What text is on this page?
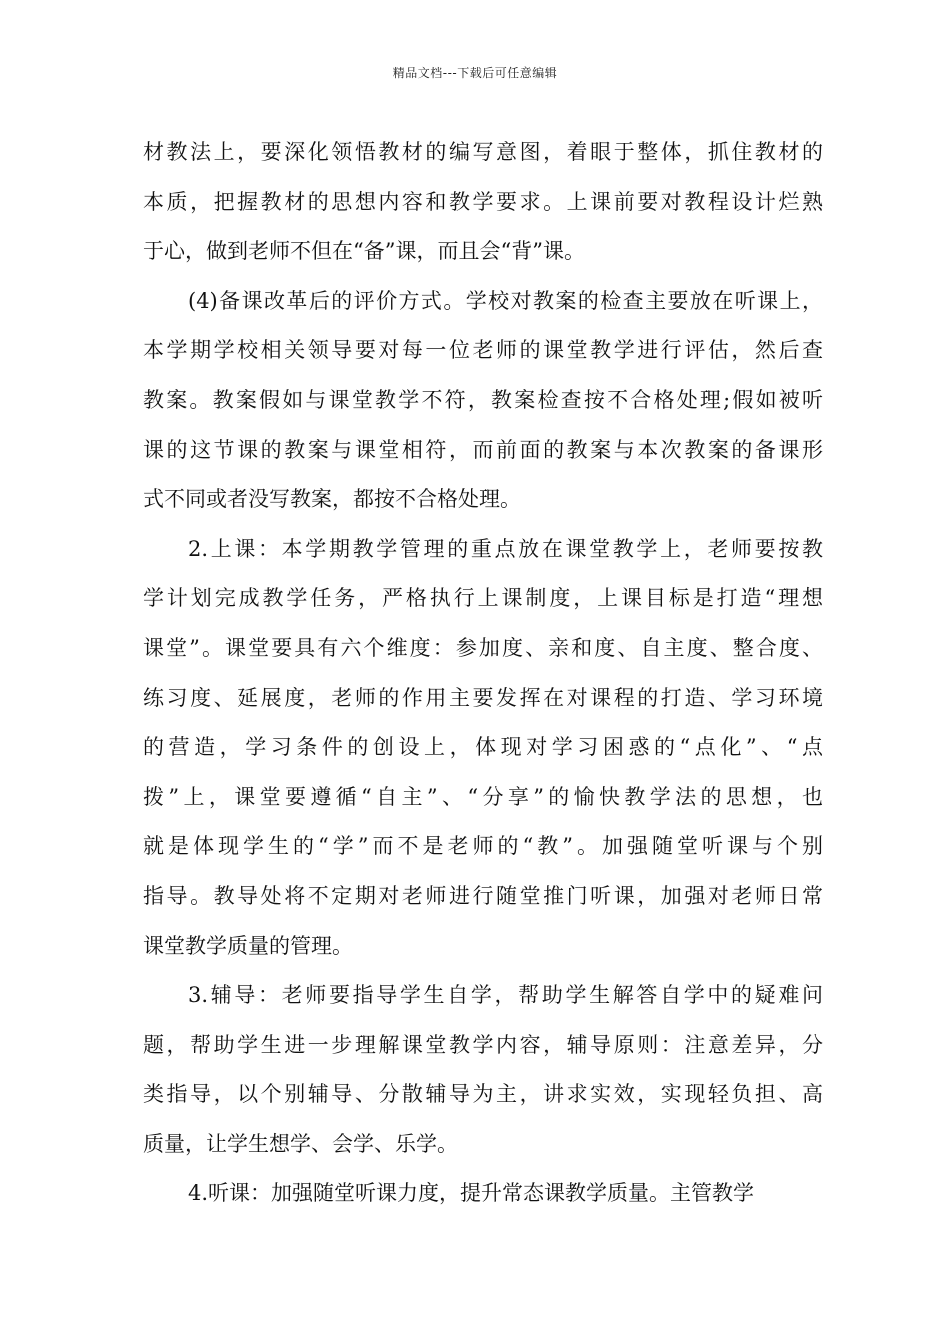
精品文档---下载后可任意编辑
材教法上，要深化领悟教材的编写意图，着眼于整体，抓住教材的
本质，把握教材的思想内容和教学要求。上课前要对教程设计烂熟
于心，做到老师不但在“备”课，而且会“背”课。
(4)备课改革后的评价方式。学校对教案的检查主要放在听课上，
本学期学校相关领导要对每一位老师的课堂教学进行评估，然后查
教案。教案假如与课堂教学不符，教案检查按不合格处理;假如被听
课的这节课的教案与课堂相符，而前面的教案与本次教案的备课形
式不同或者没写教案，都按不合格处理。
2.上课：本学期教学管理的重点放在课堂教学上，老师要按教
学计划完成教学任务，严格执行上课制度，上课目标是打造“理想
课堂”。课堂要具有六个维度：参加度、亲和度、自主度、整合度、
练习度、延展度，老师的作用主要发挥在对课程的打造、学习环境
的营造，学习条件的创设上，体现对学习困惑的“点化”、“点
拨”上，课堂要遵循“自主”、“分享”的愉快教学法的思想，也
就是体现学生的“学”而不是老师的“教”。加强随堂听课与个别
指导。教导处将不定期对老师进行随堂推门听课，加强对老师日常
课堂教学质量的管理。
3.辅导：老师要指导学生自学，帮助学生解答自学中的疑难问
题，帮助学生进一步理解课堂教学内容，辅导原则：注意差异，分
类指导，以个别辅导、分散辅导为主，讲求实效，实现轻负担、高
质量，让学生想学、会学、乐学。
4.听课：加强随堂听课力度，提升常态课教学质量。主管教学
